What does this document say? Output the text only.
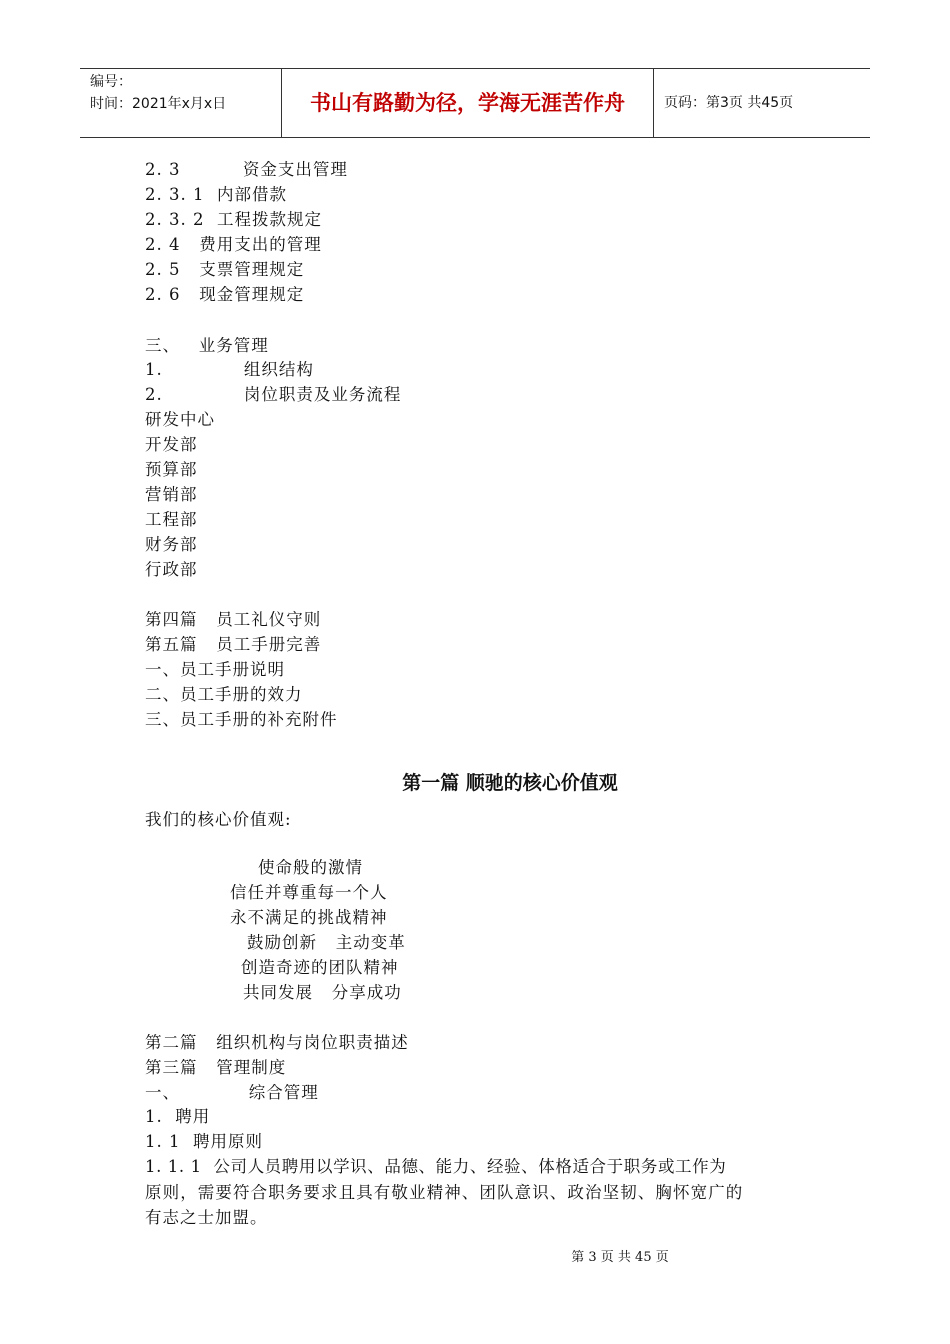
编号：
时间：2021年x月x日	书山有路勤为径，学海无涯苦作舟	页码：第3页 共45页
2. 3          资金支出管理
2. 3. 1  内部借款
2. 3. 2  工程拨款规定
2. 4   费用支出的管理
2. 5   支票管理规定
2. 6   现金管理规定
三、   业务管理
1.             组织结构
2.             岗位职责及业务流程
研发中心
开发部
预算部
营销部
工程部
财务部
行政部
第四篇   员工礼仪守则
第五篇   员工手册完善
一、员工手册说明
二、员工手册的效力
三、员工手册的补充附件
第一篇 顺驰的核心价值观
我们的核心价值观:
使命般的激情
信任并尊重每一个人
永不满足的挑战精神
鼓励创新   主动变革
创造奇迹的团队精神
共同发展   分享成功
第二篇   组织机构与岗位职责描述
第三篇   管理制度
一、           综合管理
1.  聘用
1. 1  聘用原则
1. 1. 1  公司人员聘用以学识、品德、能力、经验、体格适合于职务或工作为
原则，需要符合职务要求且具有敬业精神、团队意识、政治坚韧、胸怀宽广的
有志之士加盟。
第 3 页 共 45 页
